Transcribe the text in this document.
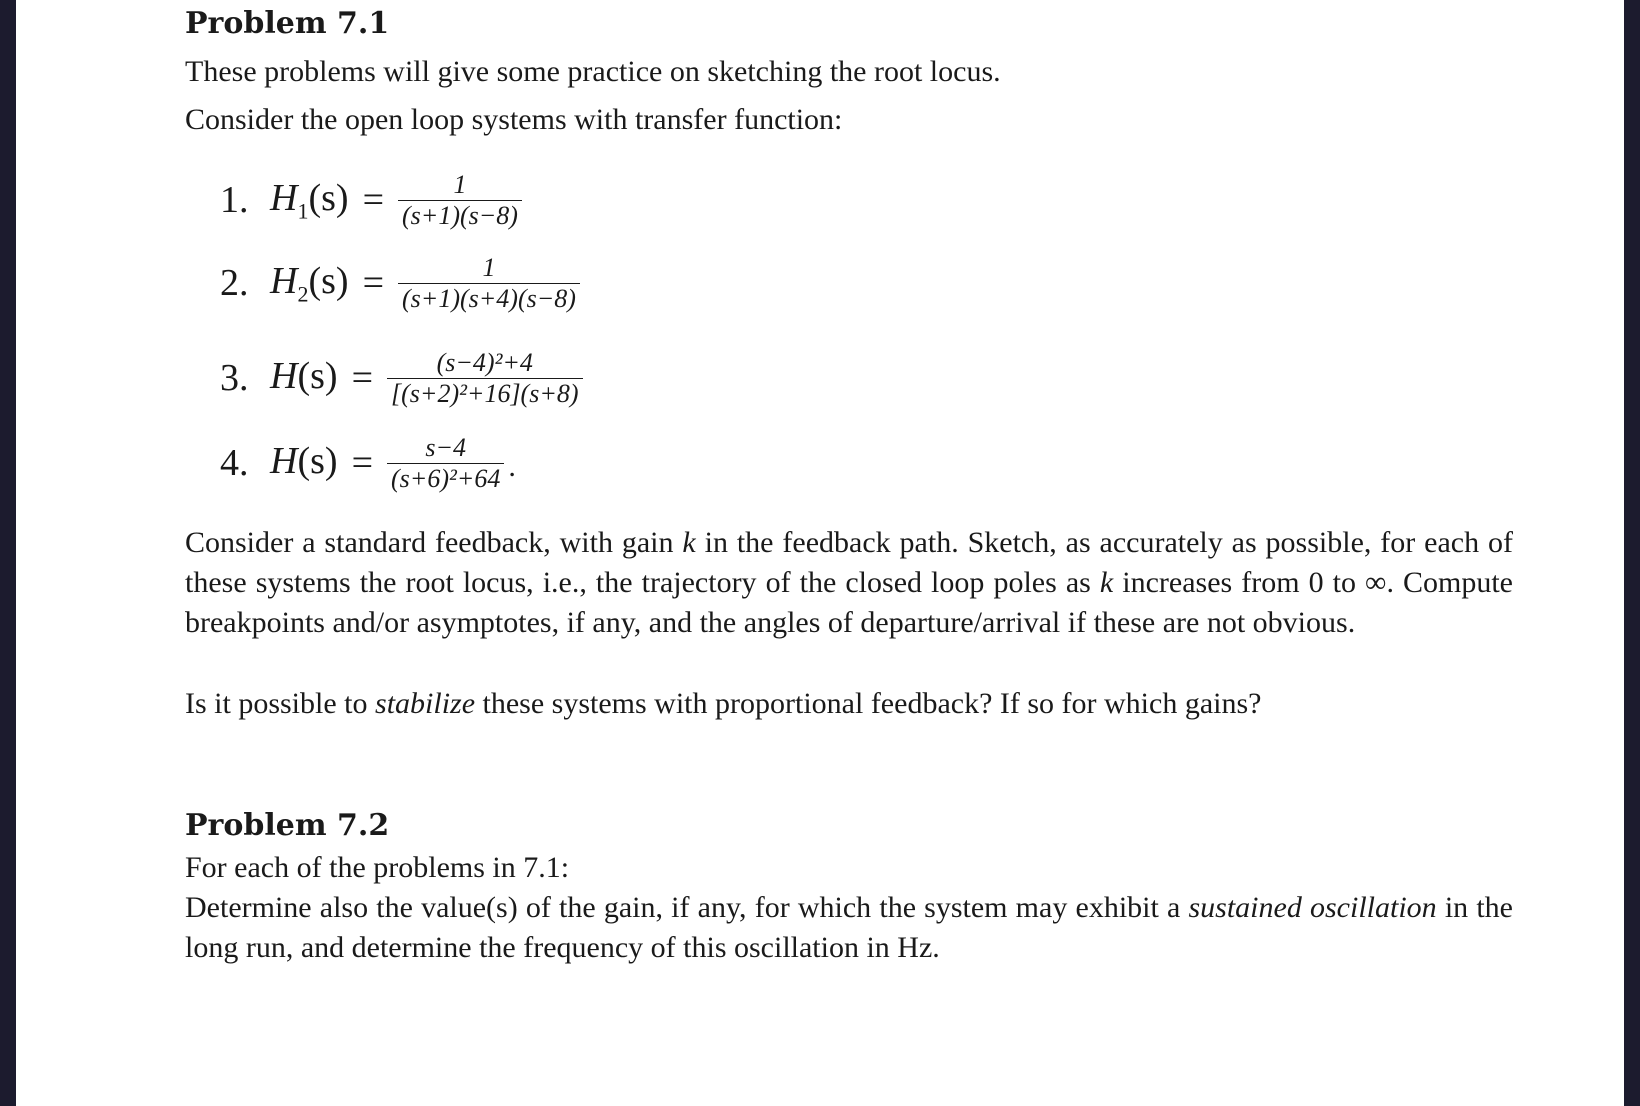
Problem 7.1

These problems will give some practice on sketching the root locus.

Consider the open loop systems with transfer function:

1. $H_1(s) = \frac{1}{(s+1)(s-8)}$
2. $H_2(s) = \frac{1}{(s+1)(s+4)(s-8)}$
3. $H(s) = \frac{\text{(s−4)²+4}}{\text{[(s+2)²+16](s+8)}}$
4. $H(s) = \frac{s-4}{\text{(s+6)²+64}}$ .

Consider a standard feedback, with gain k in the feedback path. Sketch, as accurately as possible, for each of these systems the root locus, i.e., the trajectory of the closed loop poles as k increases from 0 to ∞. Compute breakpoints and/or asymptotes, if any, and the angles of departure/arrival if these are not obvious.

Is it possible to stabilize these systems with proportional feedback? If so for which gains?

Problem 7.2

For each of the problems in 7.1:

Determine also the value(s) of the gain, if any, for which the system may exhibit a sustained oscillation in the long run, and determine the frequency of this oscillation in Hz.
